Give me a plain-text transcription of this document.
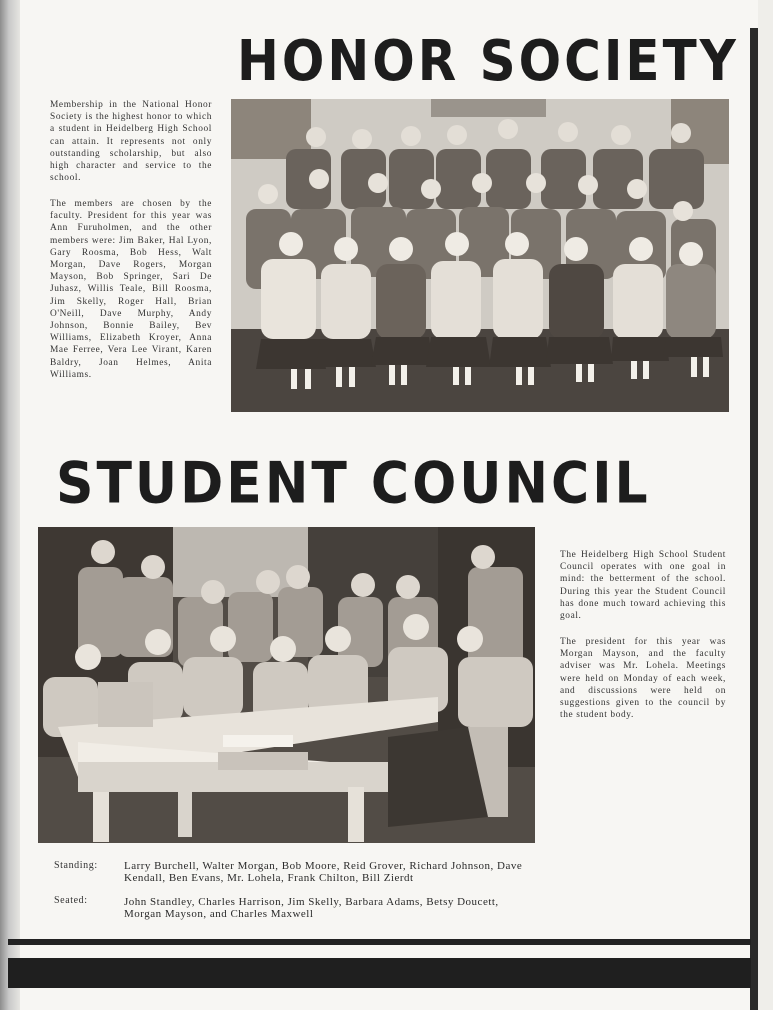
HONOR SOCIETY

Membership in the National Honor Society is the highest honor to which a student in Heidelberg High School can attain. It represents not only outstanding scholarship, but also high character and service to the school.

The members are chosen by the faculty. President for this year was Ann Furuholmen, and the other members were: Jim Baker, Hal Lyon, Gary Roosma, Bob Hess, Walt Morgan, Dave Rogers, Morgan Mayson, Bob Springer, Sari De Juhasz, Willis Teale, Bill Roosma, Jim Skelly, Roger Hall, Brian O'Neill, Dave Murphy, Andy Johnson, Bonnie Bailey, Bev Williams, Elizabeth Kroyer, Anna Mae Ferree, Vera Lee Virant, Karen Baldry, Joan Helmes, Anita Williams.

STUDENT COUNCIL

The Heidelberg High School Student Council operates with one goal in mind: the betterment of the school. During this year the Student Council has done much toward achieving this goal.

The president for this year was Morgan Mayson, and the faculty adviser was Mr. Lohela. Meetings were held on Monday of each week, and discussions were held on suggestions given to the council by the student body.

Standing: Larry Burchell, Walter Morgan, Bob Moore, Reid Grover, Richard Johnson, Dave Kendall, Ben Evans, Mr. Lohela, Frank Chilton, Bill Zierdt
Seated:	John Standley, Charles Harrison, Jim Skelly, Barbara Adams, Betsy Doucett, Morgan Mayson, and Charles Maxwell
